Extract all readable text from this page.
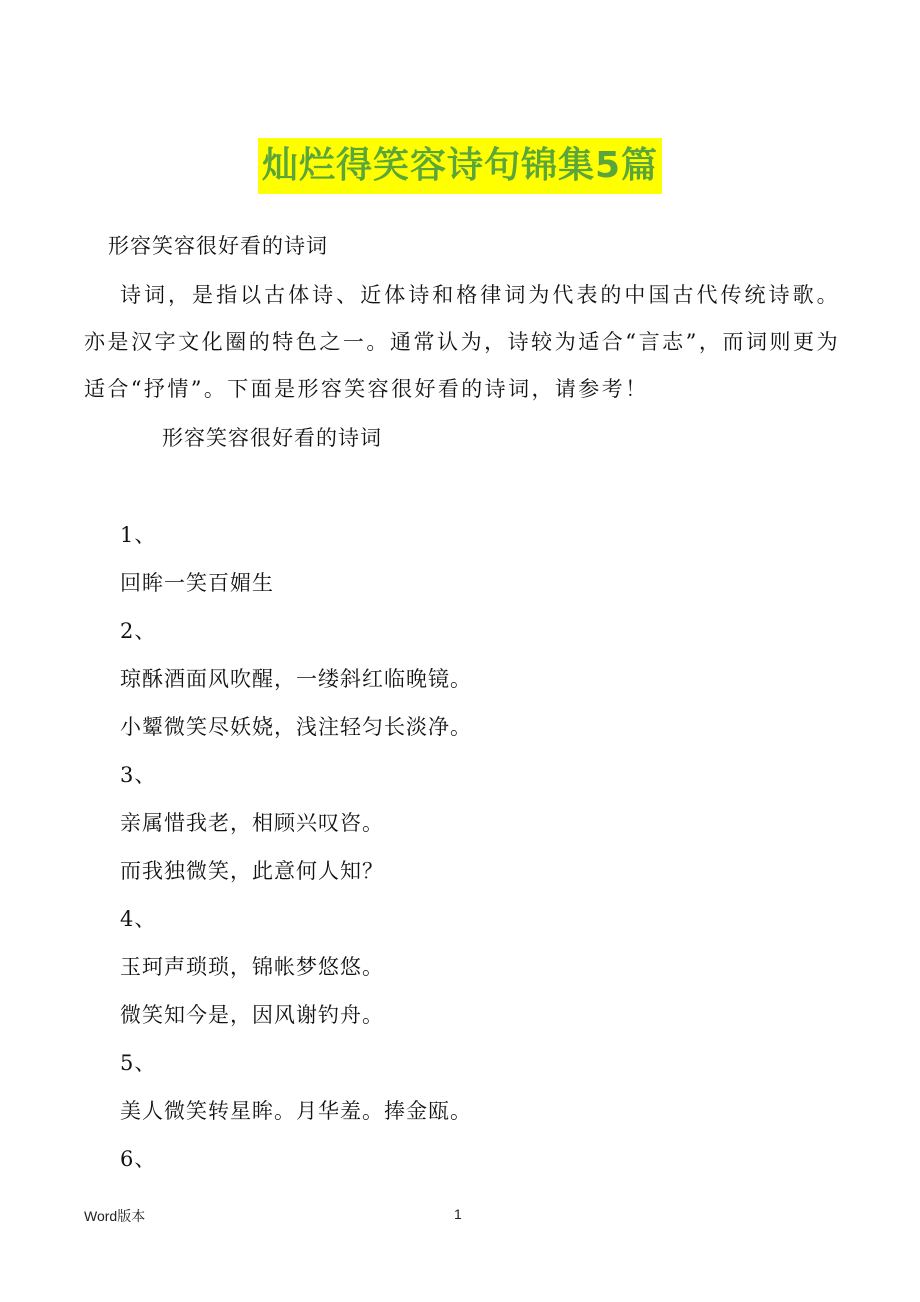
灿烂得笑容诗句锦集5篇
形容笑容很好看的诗词
诗词，是指以古体诗、近体诗和格律词为代表的中国古代传统诗歌。亦是汉字文化圈的特色之一。通常认为，诗较为适合“言志”，而词则更为适合“抒情”。下面是形容笑容很好看的诗词，请参考！
形容笑容很好看的诗词
1、
回眸一笑百媚生
2、
琼酥酒面风吹醒，一缕斜红临晚镜。
小颦微笑尽妖娆，浅注轻匀长淡净。
3、
亲属惜我老，相顾兴叹咨。
而我独微笑，此意何人知？
4、
玉珂声琐琐，锦帐梦悠悠。
微笑知今是，因风谢钓舟。
5、
美人微笑转星眸。月华羞。捧金瓯。
6、
Word版本	1
